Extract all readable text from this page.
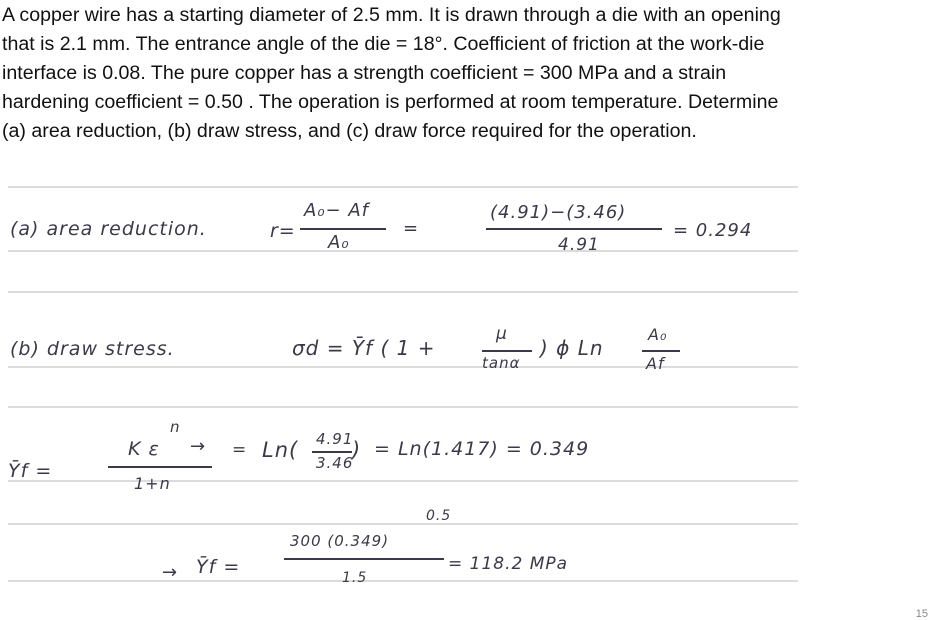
A copper wire has a starting diameter of 2.5 mm. It is drawn through a die with an opening
that is 2.1 mm. The entrance angle of the die = 18°. Coefficient of friction at the work-die
interface is 0.08. The pure copper has a strength coefficient = 300 MPa and a strain
hardening coefficient = 0.50 . The operation is performed at room temperature. Determine
(a) area reduction, (b) draw stress, and (c) draw force required for the operation.
(a) area reduction.	r=
A₀− Af
A₀
=
(4.91)−(3.46)
4.91
= 0.294
(b) draw stress.	σd = Ȳf ( 1 +
μ
tanα
) ɸ Ln
A₀
Af
Ȳf =
n
K ε
1+n
→ = Ln( 4.91
3.46
) = Ln(1.417) = 0.349
→ Ȳf =
0.5
300 (0.349)
1.5
= 118.2 MPa
15
